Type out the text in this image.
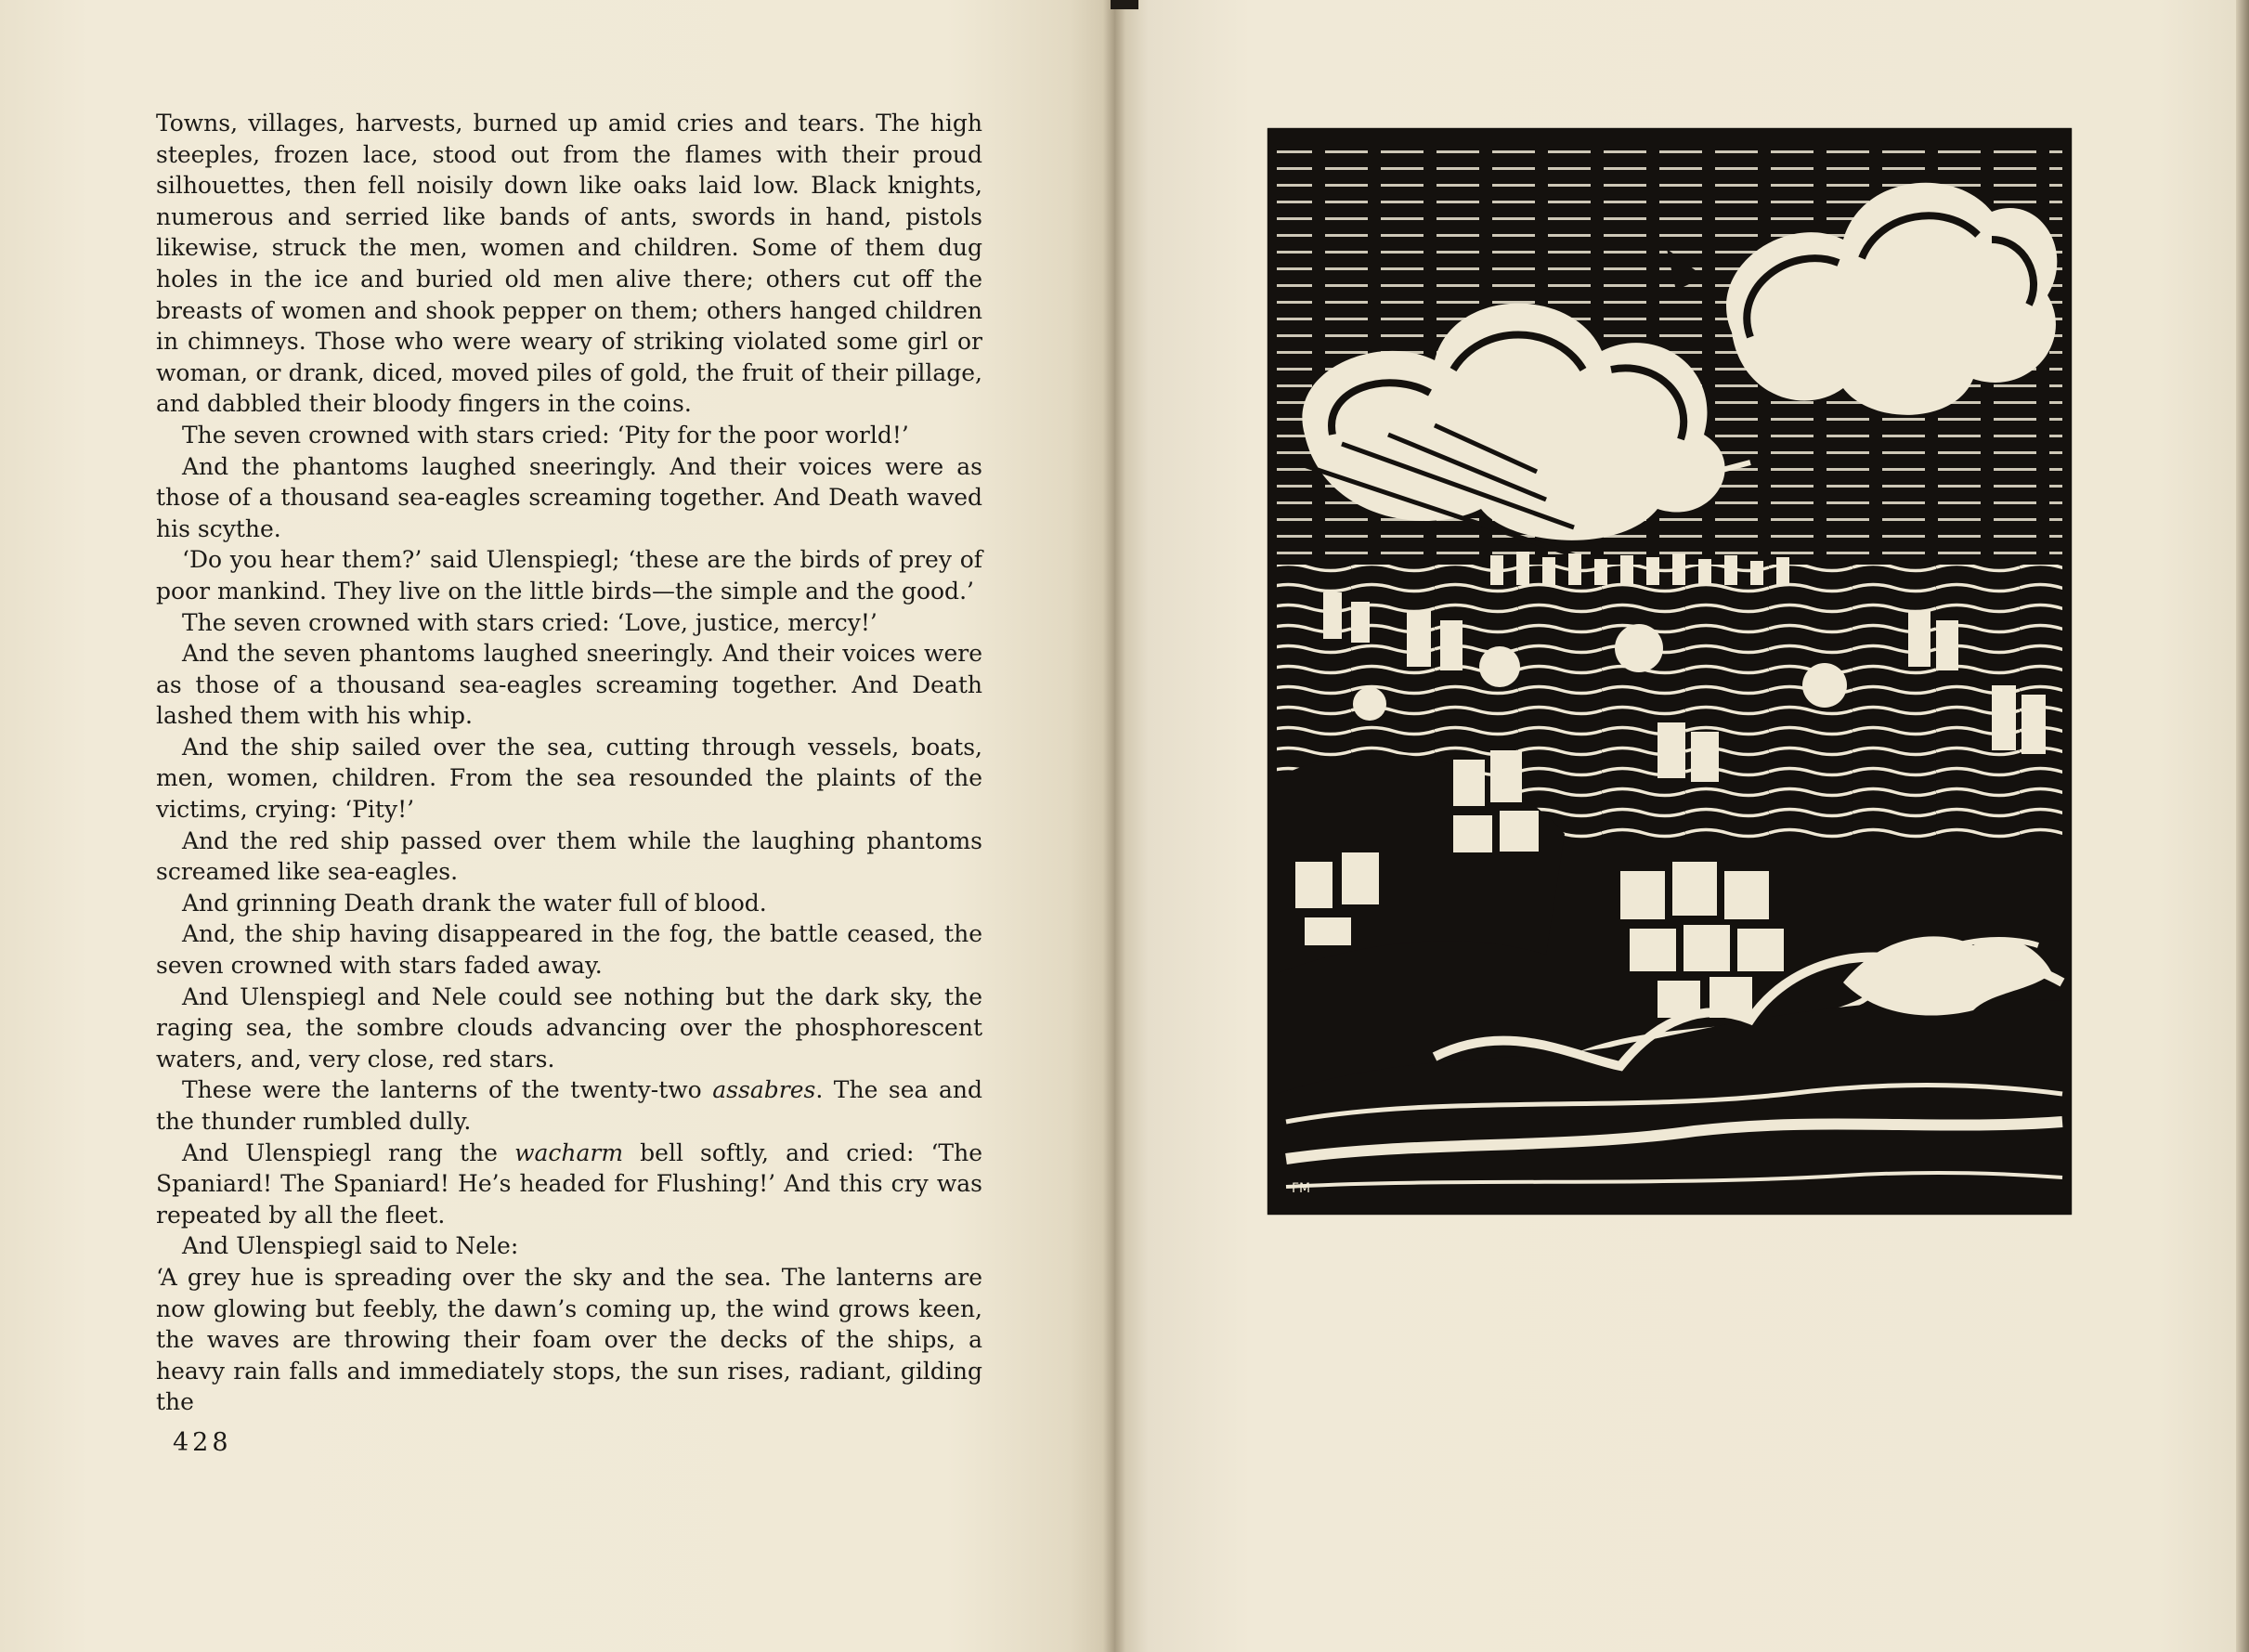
Towns, villages, harvests, burned up amid cries and tears. The high steeples, frozen lace, stood out from the flames with their proud silhouettes, then fell noisily down like oaks laid low. Black knights, numerous and serried like bands of ants, swords in hand, pistols likewise, struck the men, women and children. Some of them dug holes in the ice and buried old men alive there; others cut off the breasts of women and shook pepper on them; others hanged children in chimneys. Those who were weary of striking violated some girl or woman, or drank, diced, moved piles of gold, the fruit of their pillage, and dabbled their bloody fingers in the coins.

The seven crowned with stars cried: ‘Pity for the poor world!’

And the phantoms laughed sneeringly. And their voices were as those of a thousand sea-eagles screaming together. And Death waved his scythe.

‘Do you hear them?’ said Ulenspiegl; ‘these are the birds of prey of poor mankind. They live on the little birds—the simple and the good.’

The seven crowned with stars cried: ‘Love, justice, mercy!’

And the seven phantoms laughed sneeringly. And their voices were as those of a thousand sea-eagles screaming together. And Death lashed them with his whip.

And the ship sailed over the sea, cutting through vessels, boats, men, women, children. From the sea resounded the plaints of the victims, crying: ‘Pity!’

And the red ship passed over them while the laughing phantoms screamed like sea-eagles.

And grinning Death drank the water full of blood.

And, the ship having disappeared in the fog, the battle ceased, the seven crowned with stars faded away.

And Ulenspiegl and Nele could see nothing but the dark sky, the raging sea, the sombre clouds advancing over the phosphorescent waters, and, very close, red stars.

These were the lanterns of the twenty-two assabres. The sea and the thunder rumbled dully.

And Ulenspiegl rang the wacharm bell softly, and cried: ‘The Spaniard! The Spaniard! He’s headed for Flushing!’ And this cry was repeated by all the fleet.

And Ulenspiegl said to Nele:

‘A grey hue is spreading over the sky and the sea. The lanterns are now glowing but feebly, the dawn’s coming up, the wind grows keen, the waves are throwing their foam over the decks of the ships, a heavy rain falls and immediately stops, the sun rises, radiant, gilding the

428
FM
